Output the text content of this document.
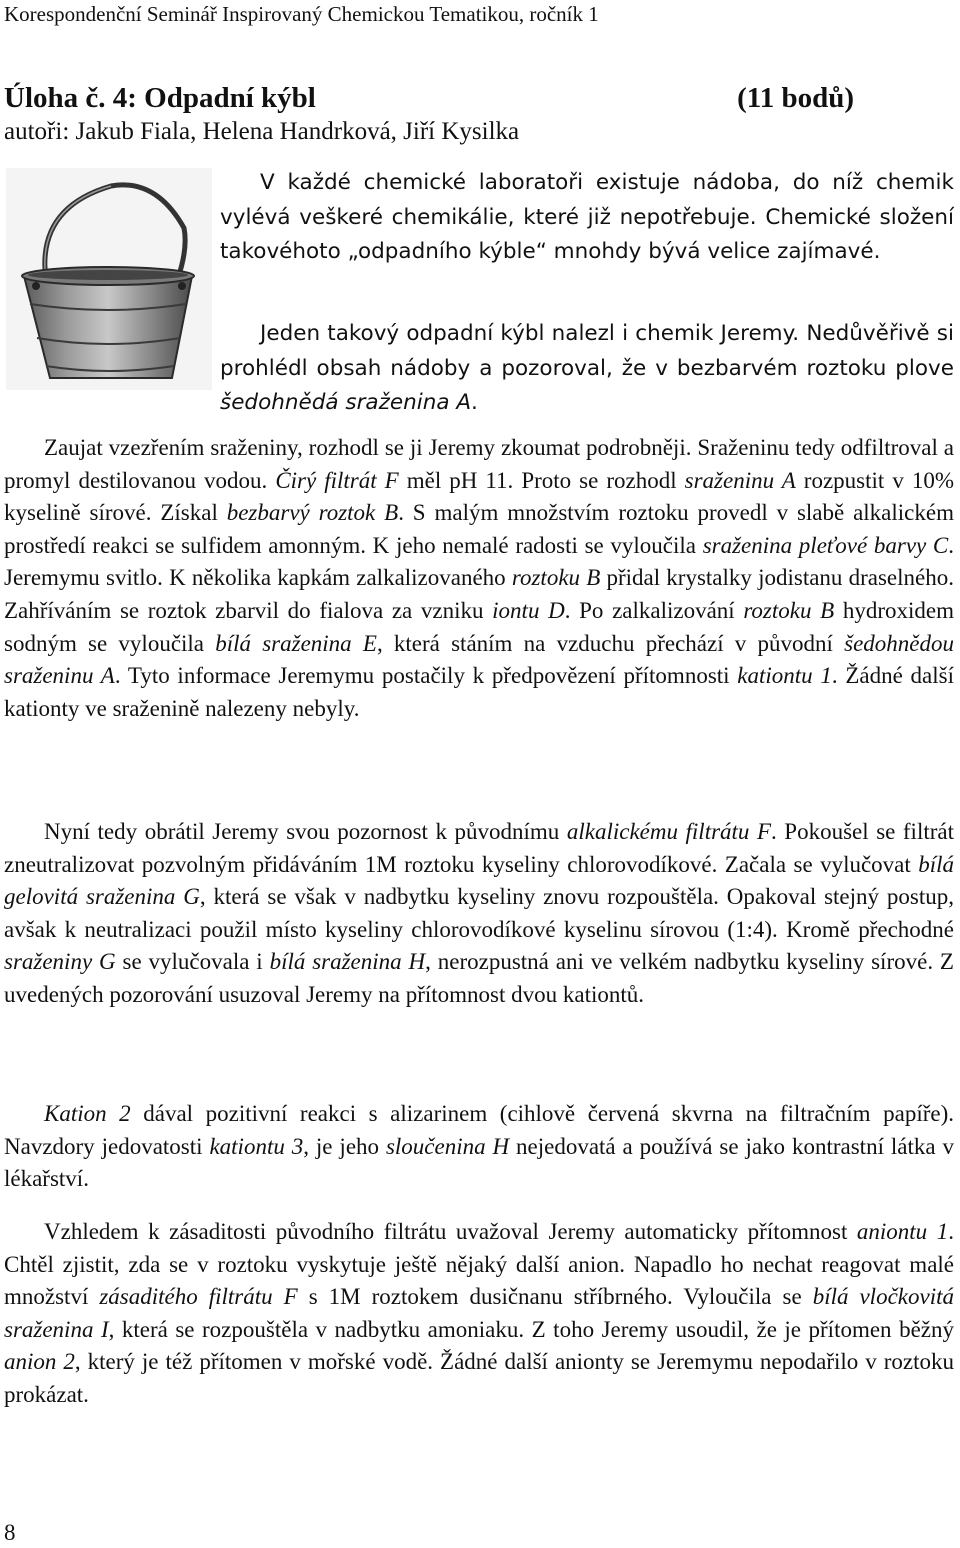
Korespondenční Seminář Inspirovaný Chemickou Tematikou, ročník 1
Úloha č. 4: Odpadní kýbl	(11 bodů)
autoři: Jakub Fiala, Helena Handrková, Jiří Kysilka

V každé chemické laboratoři existuje nádoba, do níž chemik vylévá veškeré chemikálie, které již nepotřebuje. Chemické složení takovéhoto „odpadního kýble“ mnohdy bývá velice zajímavé.

Jeden takový odpadní kýbl nalezl i chemik Jeremy. Nedůvěřivě si prohlédl obsah nádoby a pozoroval, že v bezbarvém roztoku plove šedohnědá sraženina A.

Zaujat vzezřením sraženiny, rozhodl se ji Jeremy zkoumat podrobněji. Sraženinu tedy odfiltroval a promyl destilovanou vodou. Čirý filtrát F měl pH 11. Proto se rozhodl sraženinu A rozpustit v 10% kyselině sírové. Získal bezbarvý roztok B. S malým množstvím roztoku provedl v slabě alkalickém prostředí reakci se sulfidem amonným. K jeho nemalé radosti se vyloučila sraženina pleťové barvy C. Jeremymu svitlo. K několika kapkám zalkalizovaného roztoku B přidal krystalky jodistanu draselného. Zahříváním se roztok zbarvil do fialova za vzniku iontu D. Po zalkalizování roztoku B hydroxidem sodným se vyloučila bílá sraženina E, která stáním na vzduchu přechází v původní šedohnědou sraženinu A. Tyto informace Jeremymu postačily k předpovězení přítomnosti kationtu 1. Žádné další kationty ve sraženině nalezeny nebyly.

Nyní tedy obrátil Jeremy svou pozornost k původnímu alkalickému filtrátu F. Pokoušel se filtrát zneutralizovat pozvolným přidáváním 1M roztoku kyseliny chlorovodíkové. Začala se vylučovat bílá gelovitá sraženina G, která se však v nadbytku kyseliny znovu rozpouštěla. Opakoval stejný postup, avšak k neutralizaci použil místo kyseliny chlorovodíkové kyselinu sírovou (1:4). Kromě přechodné sraženiny G se vylučovala i bílá sraženina H, nerozpustná ani ve velkém nadbytku kyseliny sírové. Z uvedených pozorování usuzoval Jeremy na přítomnost dvou kationtů.

Kation 2 dával pozitivní reakci s alizarinem (cihlově červená skvrna na filtračním papíře). Navzdory jedovatosti kationtu 3, je jeho sloučenina H nejedovatá a používá se jako kontrastní látka v lékařství.

Vzhledem k zásaditosti původního filtrátu uvažoval Jeremy automaticky přítomnost aniontu 1. Chtěl zjistit, zda se v roztoku vyskytuje ještě nějaký další anion. Napadlo ho nechat reagovat malé množství zásaditého filtrátu F s 1M roztokem dusičnanu stříbrného. Vyloučila se bílá vločkovitá sraženina I, která se rozpouštěla v nadbytku amoniaku. Z toho Jeremy usoudil, že je přítomen běžný anion 2, který je též přítomen v mořské vodě. Žádné další anionty se Jeremymu nepodařilo v roztoku prokázat.

8
